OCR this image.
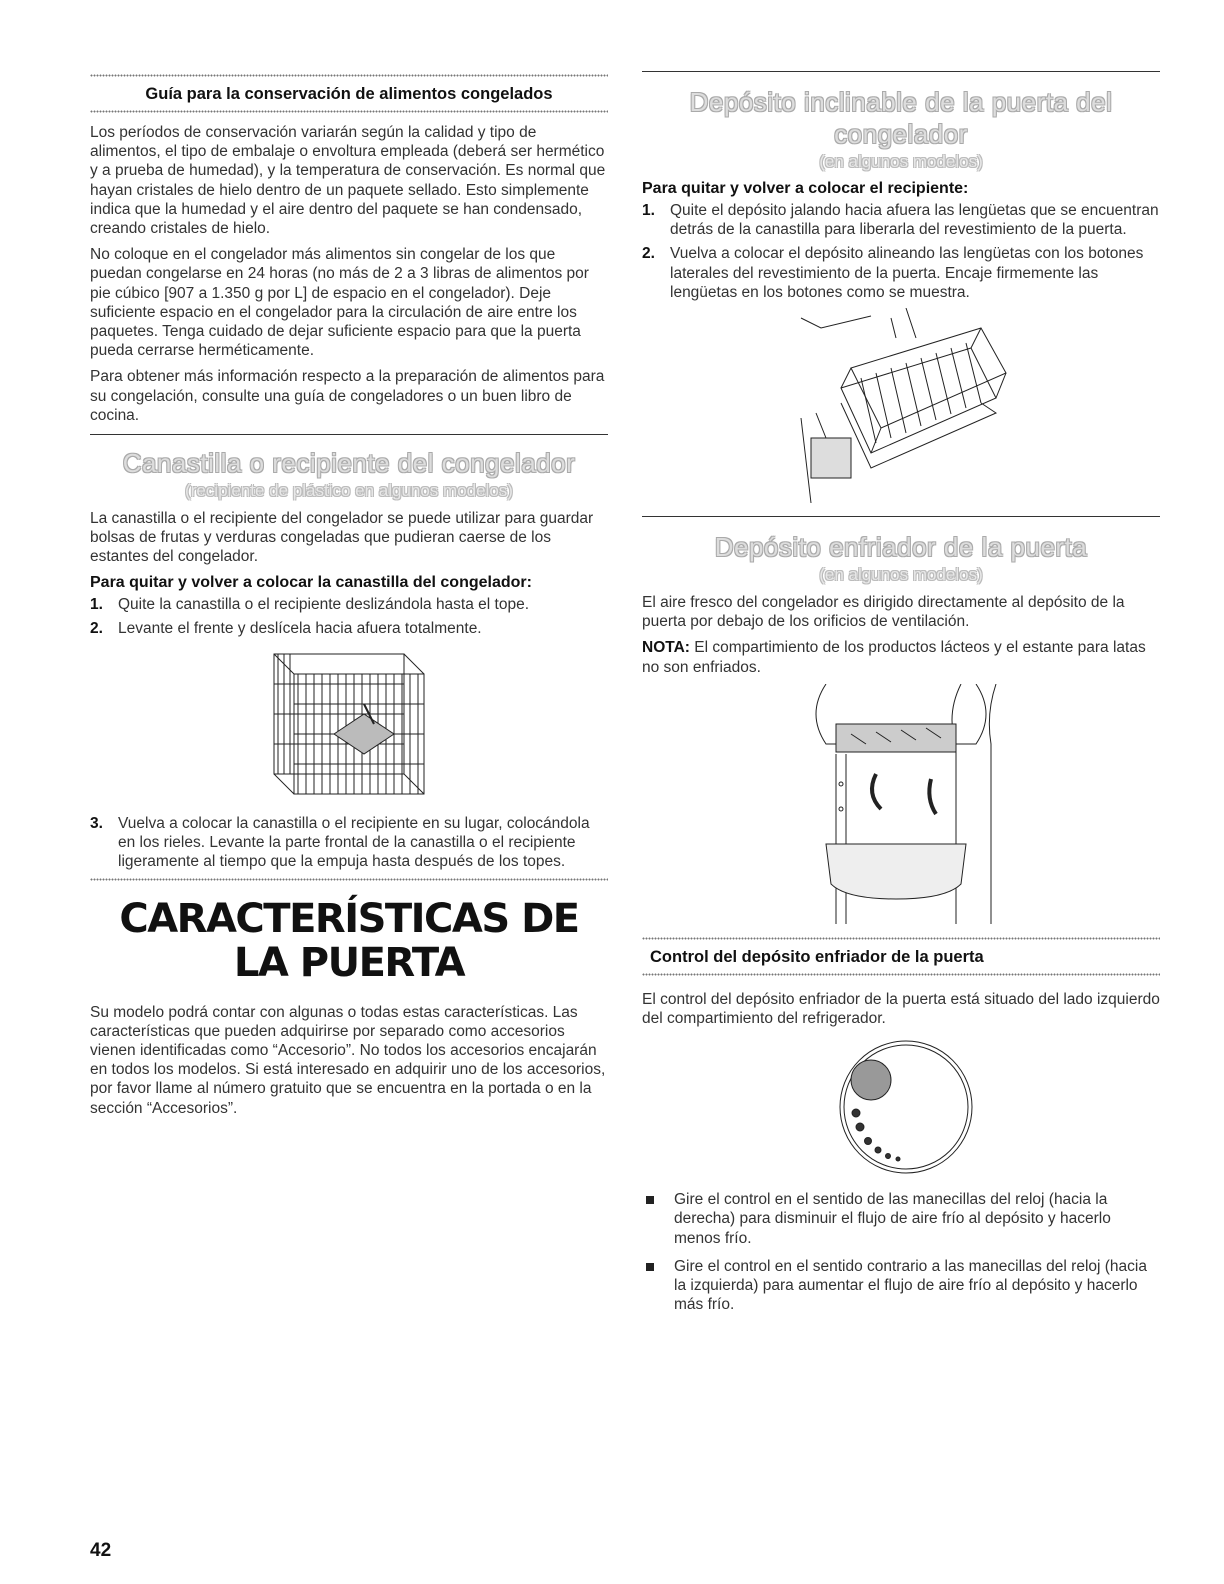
Guía para la conservación de alimentos congelados

Los períodos de conservación variarán según la calidad y tipo de alimentos, el tipo de embalaje o envoltura empleada (deberá ser hermético y a prueba de humedad), y la temperatura de conservación. Es normal que hayan cristales de hielo dentro de un paquete sellado. Esto simplemente indica que la humedad y el aire dentro del paquete se han condensado, creando cristales de hielo.

No coloque en el congelador más alimentos sin congelar de los que puedan congelarse en 24 horas (no más de 2 a 3 libras de alimentos por pie cúbico [907 a 1.350 g por L] de espacio en el congelador). Deje suficiente espacio en el congelador para la circulación de aire entre los paquetes. Tenga cuidado de dejar suficiente espacio para que la puerta pueda cerrarse herméticamente.

Para obtener más información respecto a la preparación de alimentos para su congelación, consulte una guía de congeladores o un buen libro de cocina.

Canastilla o recipiente del congelador
(recipiente de plástico en algunos modelos)

La canastilla o el recipiente del congelador se puede utilizar para guardar bolsas de frutas y verduras congeladas que pudieran caerse de los estantes del congelador.

Para quitar y volver a colocar la canastilla del congelador:
1. Quite la canastilla o el recipiente deslizándola hasta el tope.
2. Levante el frente y deslícela hacia afuera totalmente.
3. Vuelva a colocar la canastilla o el recipiente en su lugar, colocándola en los rieles. Levante la parte frontal de la canastilla o el recipiente ligeramente al tiempo que la empuja hasta después de los topes.
CARACTERÍSTICAS DE
LA PUERTA

Su modelo podrá contar con algunas o todas estas características. Las características que pueden adquirirse por separado como accesorios vienen identificadas como “Accesorio”. No todos los accesorios encajarán en todos los modelos. Si está interesado en adquirir uno de los accesorios, por favor llame al número gratuito que se encuentra en la portada o en la sección “Accesorios”.

Depósito inclinable de la puerta del
congelador
(en algunos modelos)
Para quitar y volver a colocar el recipiente:
1. Quite el depósito jalando hacia afuera las lengüetas que se encuentran detrás de la canastilla para liberarla del revestimiento de la puerta.
2. Vuelva a colocar el depósito alineando las lengüetas con los botones laterales del revestimiento de la puerta. Encaje firmemente las lengüetas en los botones como se muestra.
Depósito enfriador de la puerta
(en algunos modelos)

El aire fresco del congelador es dirigido directamente al depósito de la puerta por debajo de los orificios de ventilación.

NOTA: El compartimiento de los productos lácteos y el estante para latas no son enfriados.

Control del depósito enfriador de la puerta

El control del depósito enfriador de la puerta está situado del lado izquierdo del compartimiento del refrigerador.

Gire el control en el sentido de las manecillas del reloj (hacia la derecha) para disminuir el flujo de aire frío al depósito y hacerlo menos frío.
Gire el control en el sentido contrario a las manecillas del reloj (hacia la izquierda) para aumentar el flujo de aire frío al depósito y hacerlo más frío.
42
